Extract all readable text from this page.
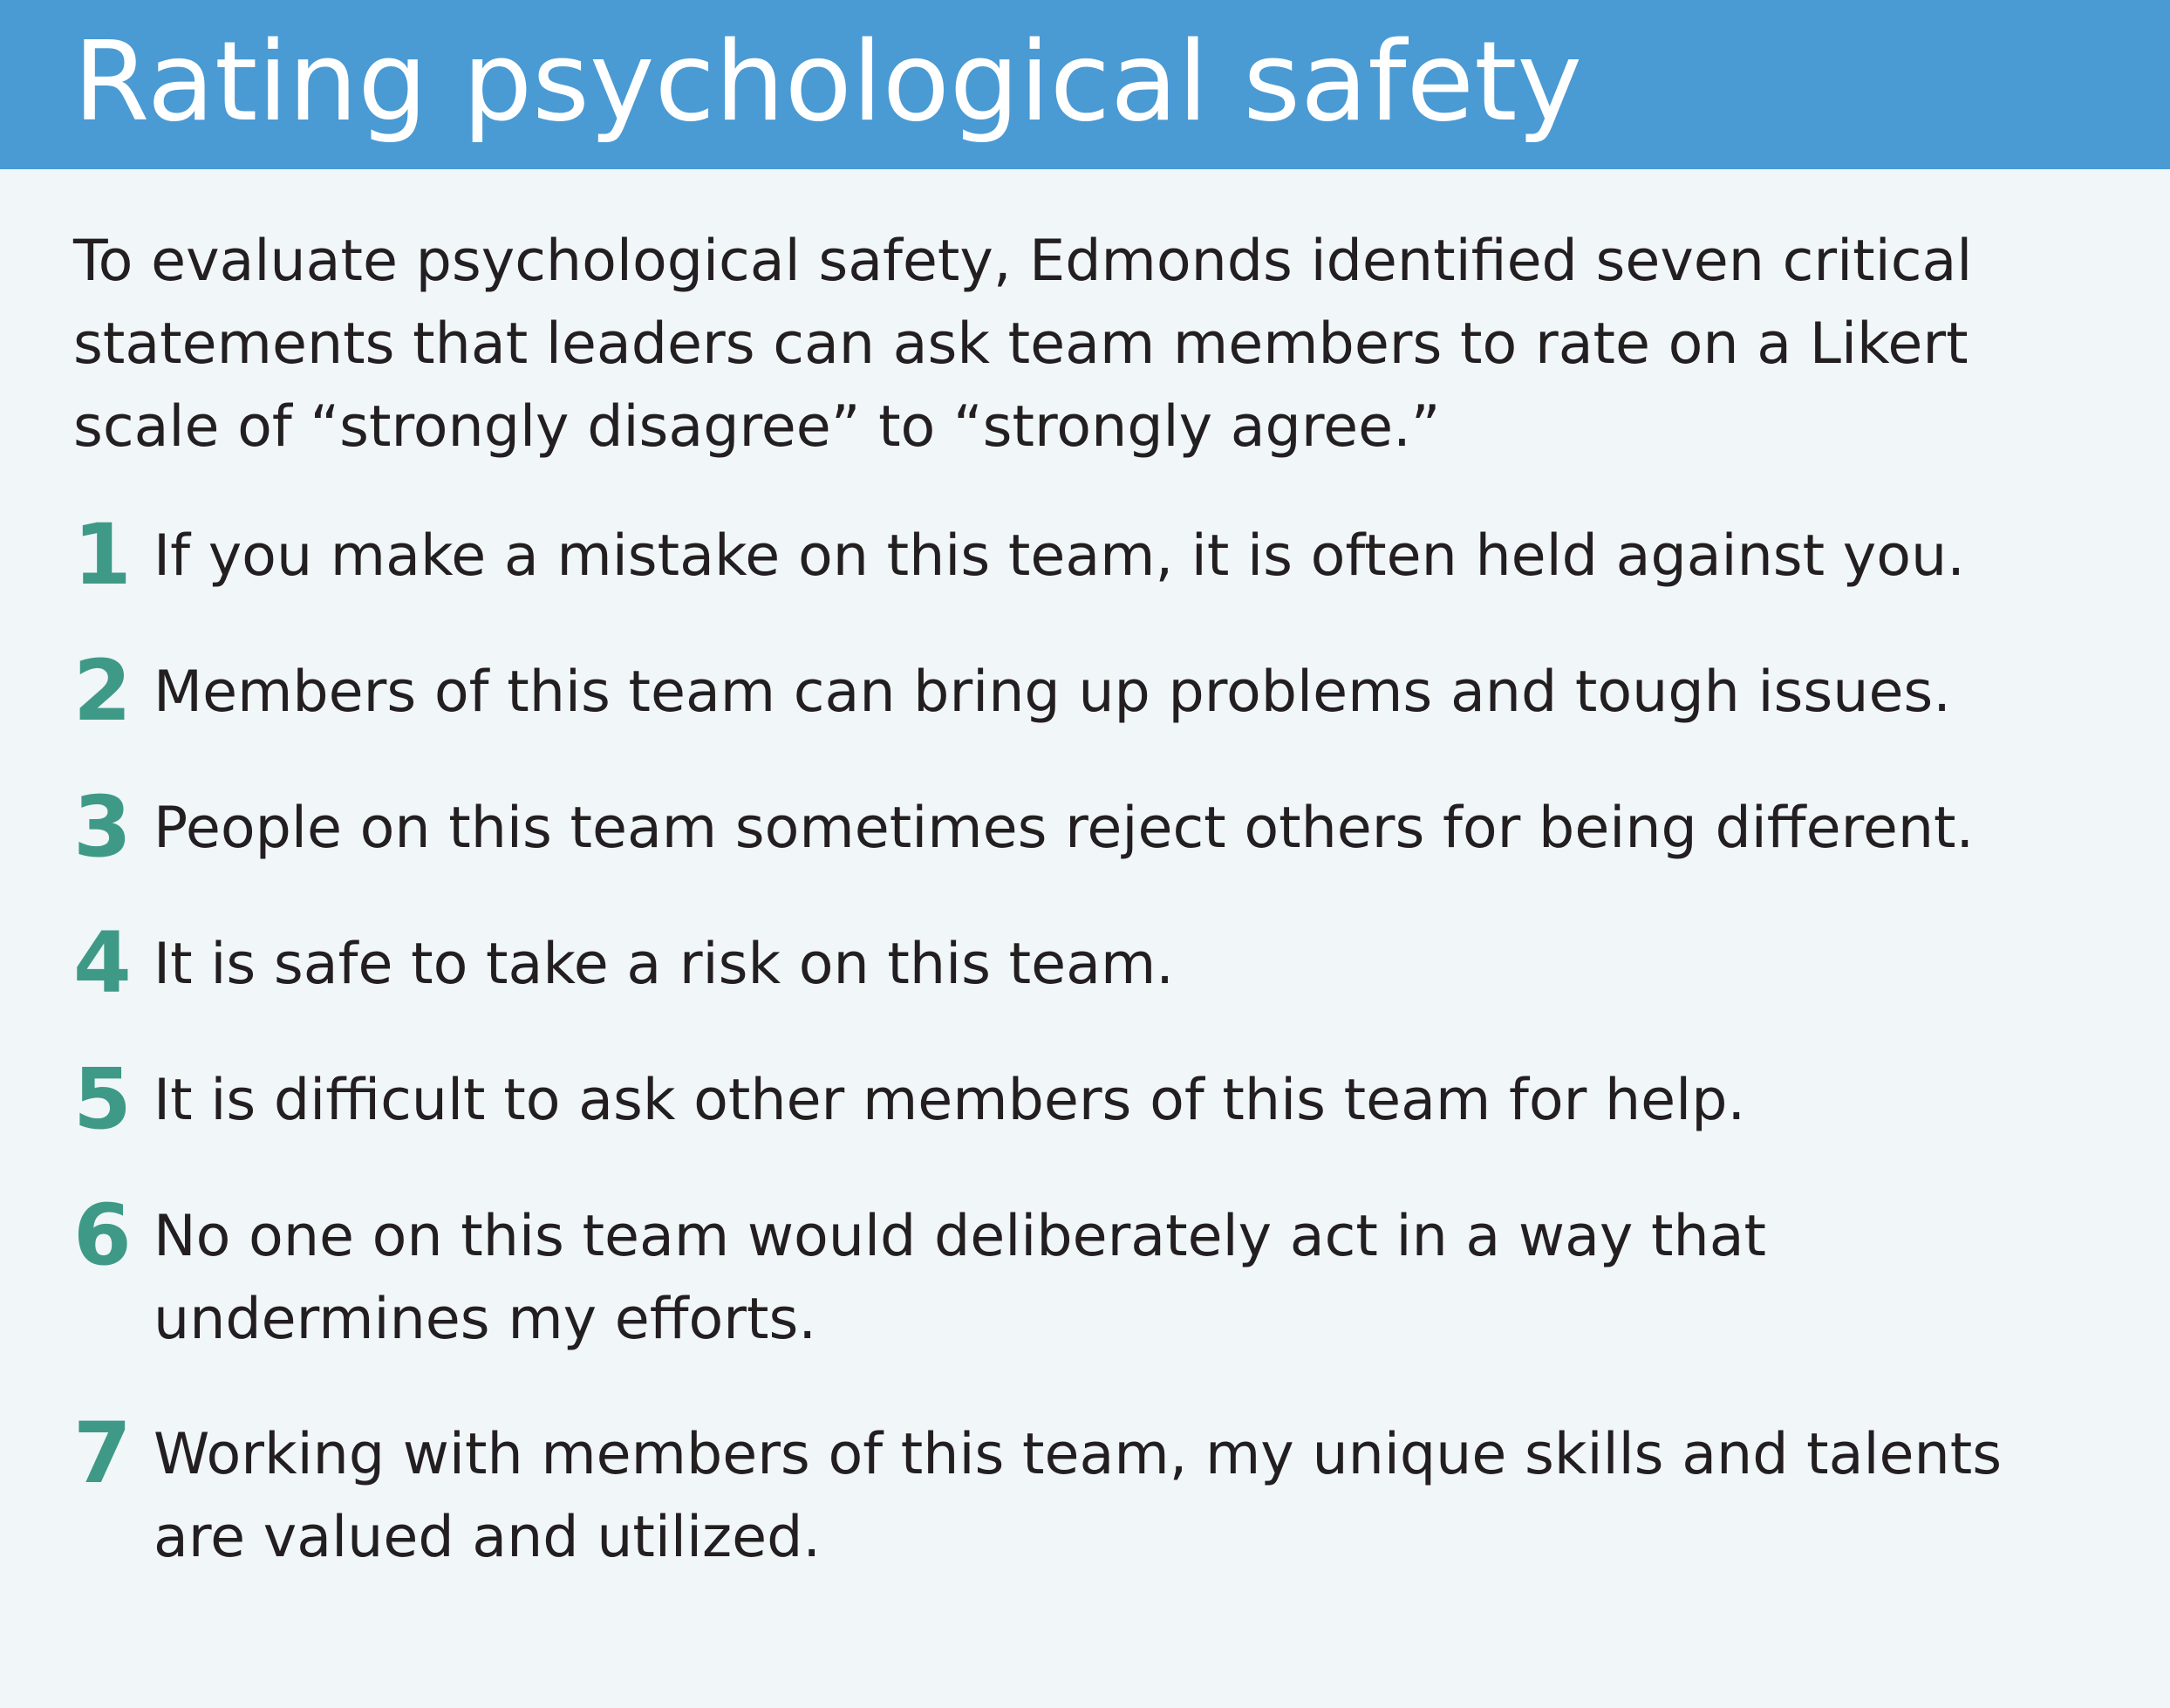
Rating psychological safety

To evaluate psychological safety, Edmonds identified seven critical statements that leaders can ask team members to rate on a Likert scale of “strongly disagree” to “strongly agree.”

1 If you make a mistake on this team, it is often held against you.

2 Members of this team can bring up problems and tough issues.

3 People on this team sometimes reject others for being different.

4 It is safe to take a risk on this team.

5 It is difficult to ask other members of this team for help.

6 No one on this team would deliberately act in a way that undermines my efforts.

7 Working with members of this team, my unique skills and talents are valued and utilized.
